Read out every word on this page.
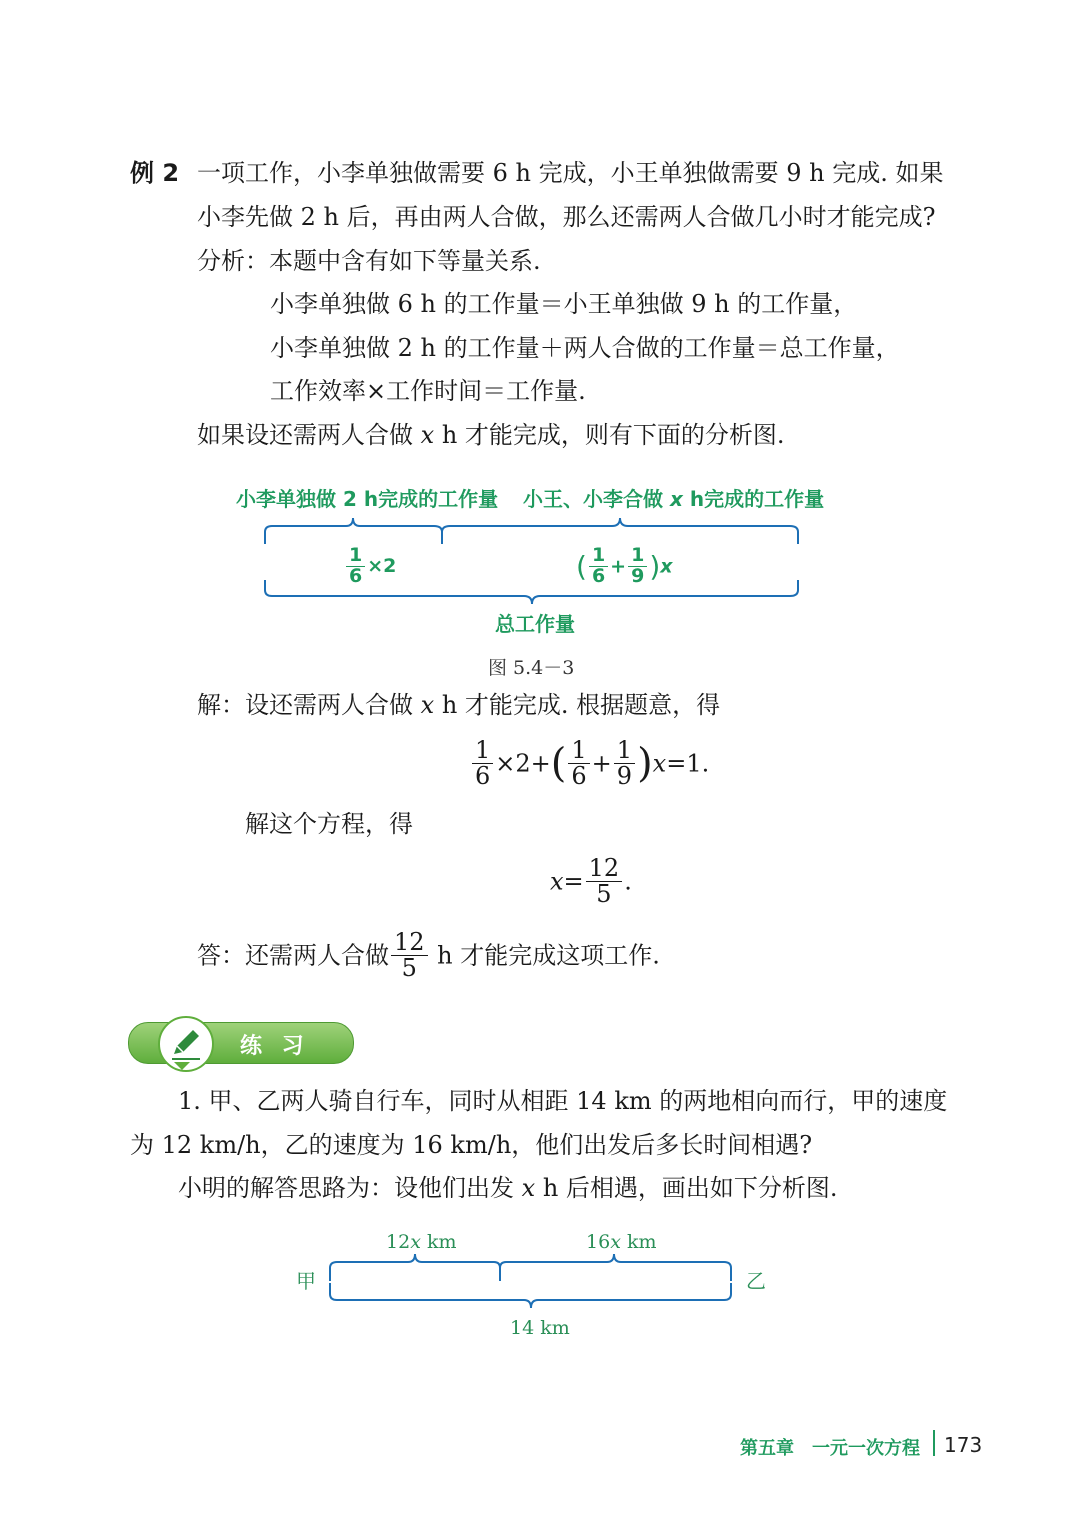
例 2 一项工作，小李单独做需要 6 h 完成，小王单独做需要 9 h 完成. 如果
小李先做 2 h 后，再由两人合做，那么还需两人合做几小时才能完成?
分析：本题中含有如下等量关系.
小李单独做 6 h 的工作量＝小王单独做 9 h 的工作量，
小李单独做 2 h 的工作量＋两人合做的工作量＝总工作量，
工作效率×工作时间＝工作量.
如果设还需两人合做 x h 才能完成，则有下面的分析图.
小李单独做 2 h完成的工作量 小王、小李合做 x h完成的工作量
$\frac{1}{6} \times 2$	( $\frac{1}{6} + \frac{1}{9} )x$
总工作量
图 5.4－3
解：设还需两人合做 x h 才能完成. 根据题意，得
$\frac{1}{6} \times 2+( \frac{1}{6} + \frac{1}{9} )x=1$.
解这个方程，得
$x= \frac{12}{5}$ .
答：还需两人合做 $\frac{12}{5}$ h 才能完成这项工作.
练 习
1. 甲、乙两人骑自行车，同时从相距 14 km 的两地相向而行，甲的速度
为 12 km/h，乙的速度为 16 km/h，他们出发后多长时间相遇?
小明的解答思路为：设他们出发 x h 后相遇，画出如下分析图.
12x km	16x km
甲	乙
14 km
第五章　一元一次方程 173
